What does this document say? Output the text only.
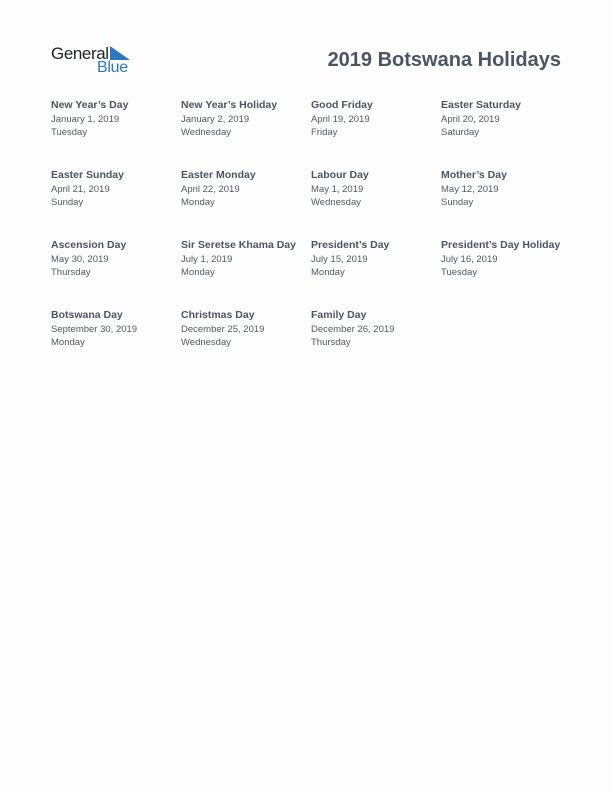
General
Blue	2019 Botswana Holidays
New Year’s Day
January 1, 2019
Tuesday
New Year’s Holiday
January 2, 2019
Wednesday
Good Friday
April 19, 2019
Friday
Easter Saturday
April 20, 2019
Saturday
Easter Sunday
April 21, 2019
Sunday
Easter Monday
April 22, 2019
Monday
Labour Day
May 1, 2019
Wednesday
Mother’s Day
May 12, 2019
Sunday
Ascension Day
May 30, 2019
Thursday
Sir Seretse Khama Day
July 1, 2019
Monday
President’s Day
July 15, 2019
Monday
President’s Day Holiday
July 16, 2019
Tuesday
Botswana Day
September 30, 2019
Monday
Christmas Day
December 25, 2019
Wednesday
Family Day
December 26, 2019
Thursday
